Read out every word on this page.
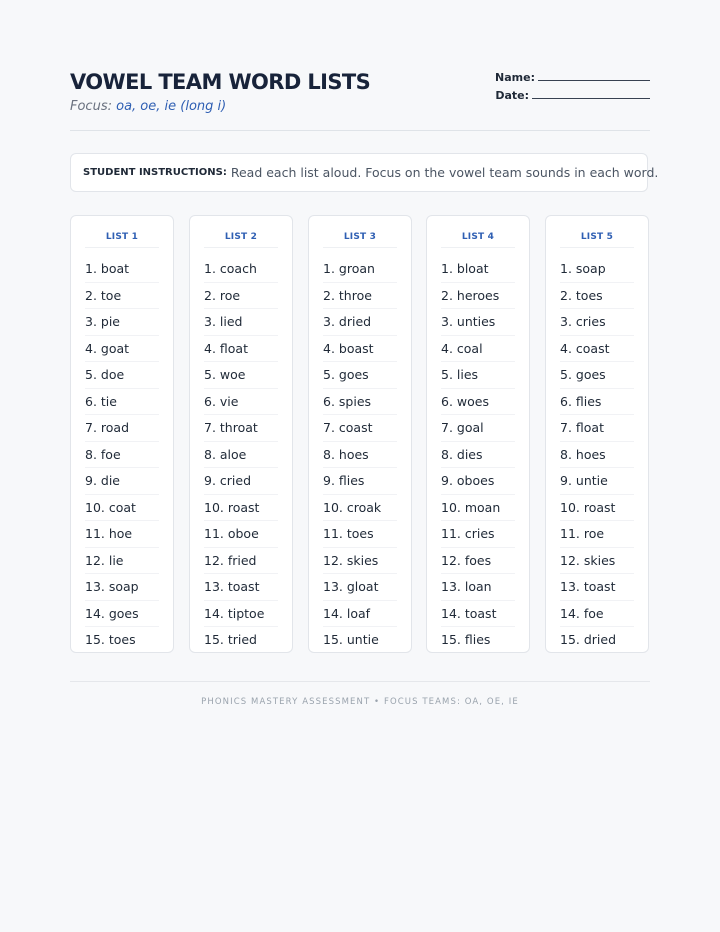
VOWEL TEAM WORD LISTS
Focus: oa, oe, ie (long i)
Name:
Date:
STUDENT INSTRUCTIONS: Read each list aloud. Focus on the vowel team sounds in each word.
LIST 1
1. boat
2. toe
3. pie
4. goat
5. doe
6. tie
7. road
8. foe
9. die
10. coat
11. hoe
12. lie
13. soap
14. goes
15. toes
LIST 2
1. coach
2. roe
3. lied
4. float
5. woe
6. vie
7. throat
8. aloe
9. cried
10. roast
11. oboe
12. fried
13. toast
14. tiptoe
15. tried
LIST 3
1. groan
2. throe
3. dried
4. boast
5. goes
6. spies
7. coast
8. hoes
9. flies
10. croak
11. toes
12. skies
13. gloat
14. loaf
15. untie
LIST 4
1. bloat
2. heroes
3. unties
4. coal
5. lies
6. woes
7. goal
8. dies
9. oboes
10. moan
11. cries
12. foes
13. loan
14. toast
15. flies
LIST 5
1. soap
2. toes
3. cries
4. coast
5. goes
6. flies
7. float
8. hoes
9. untie
10. roast
11. roe
12. skies
13. toast
14. foe
15. dried
PHONICS MASTERY ASSESSMENT • FOCUS TEAMS: OA, OE, IE
